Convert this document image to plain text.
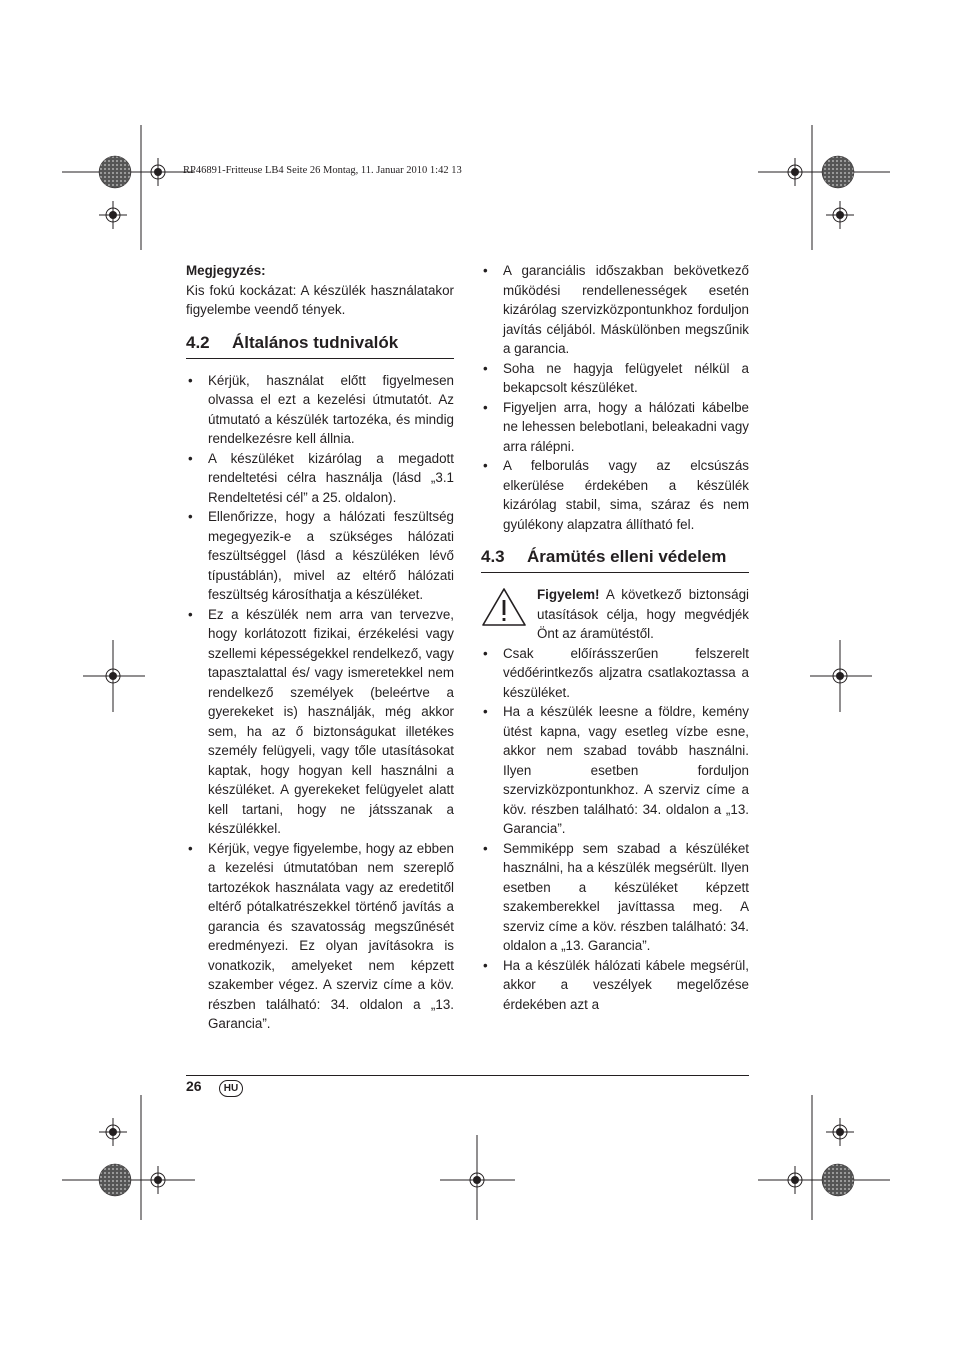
RP46891-Fritteuse LB4 Seite 26 Montag, 11. Januar 2010 1:42 13
Megjegyzés:
Kis fokú kockázat: A készülék használatakor figyelembe veendő tények.
4.2	Általános tudnivalók
• Kérjük, használat előtt figyelmesen olvassa el ezt a kezelési útmutatót. Az útmutató a készülék tartozéka, és mindig rendelkezésre kell állnia.
• A készüléket kizárólag a megadott rendeltetési célra használja (lásd „3.1 Rendeltetési cél” a 25. oldalon).
• Ellenőrizze, hogy a hálózati feszültség megegyezik-e a szükséges hálózati feszültséggel (lásd a készüléken lévő típustáblán), mivel az eltérő hálózati feszültség károsíthatja a készüléket.
• Ez a készülék nem arra van tervezve, hogy korlátozott fizikai, érzékelési vagy szellemi képességekkel rendelkező, vagy tapasztalattal és/ vagy ismeretekkel nem rendelkező személyek (beleértve a gyerekeket is) használják, még akkor sem, ha az ő biztonságukat illetékes személy felügyeli, vagy tőle utasításokat kaptak, hogy hogyan kell használni a készüléket. A gyerekeket felügyelet alatt kell tartani, hogy ne játsszanak a készülékkel.
• Kérjük, vegye figyelembe, hogy az ebben a kezelési útmutatóban nem szereplő tartozékok használata vagy az eredetitől eltérő pótalkatrészekkel történő javítás a garancia és szavatosság megszűnését eredményezi. Ez olyan javításokra is vonatkozik, amelyeket nem képzett szakember végez. A szerviz címe a köv. részben található: 34. oldalon a „13. Garancia”.
• A garanciális időszakban bekövetkező működési rendellenességek esetén kizárólag szervizközpontunkhoz forduljon javítás céljából. Máskülönben megszűnik a garancia.
• Soha ne hagyja felügyelet nélkül a bekapcsolt készüléket.
• Figyeljen arra, hogy a hálózati kábelbe ne lehessen belebotlani, beleakadni vagy arra rálépni.
• A felborulás vagy az elcsúszás elkerülése érdekében a készülék kizárólag stabil, sima, száraz és nem gyúlékony alapzatra állítható fel.
4.3	Áramütés elleni védelem
Figyelem! A következő biztonsági utasítások célja, hogy megvédjék Önt az áramütéstől.
• Csak előírásszerűen felszerelt védőérintkezős aljzatra csatlakoztassa a készüléket.
• Ha a készülék leesne a földre, kemény ütést kapna, vagy esetleg vízbe esne, akkor nem szabad tovább használni. Ilyen esetben forduljon szervizközpontunkhoz. A szerviz címe a köv. részben található: 34. oldalon a „13. Garancia”.
• Semmiképp sem szabad a készüléket használni, ha a készülék megsérült. Ilyen esetben a készüléket képzett szakemberekkel javíttassa meg. A szerviz címe a köv. részben található: 34. oldalon a „13. Garancia”.
• Ha a készülék hálózati kábele megsérül, akkor a veszélyek megelőzése érdekében azt a
26	HU
